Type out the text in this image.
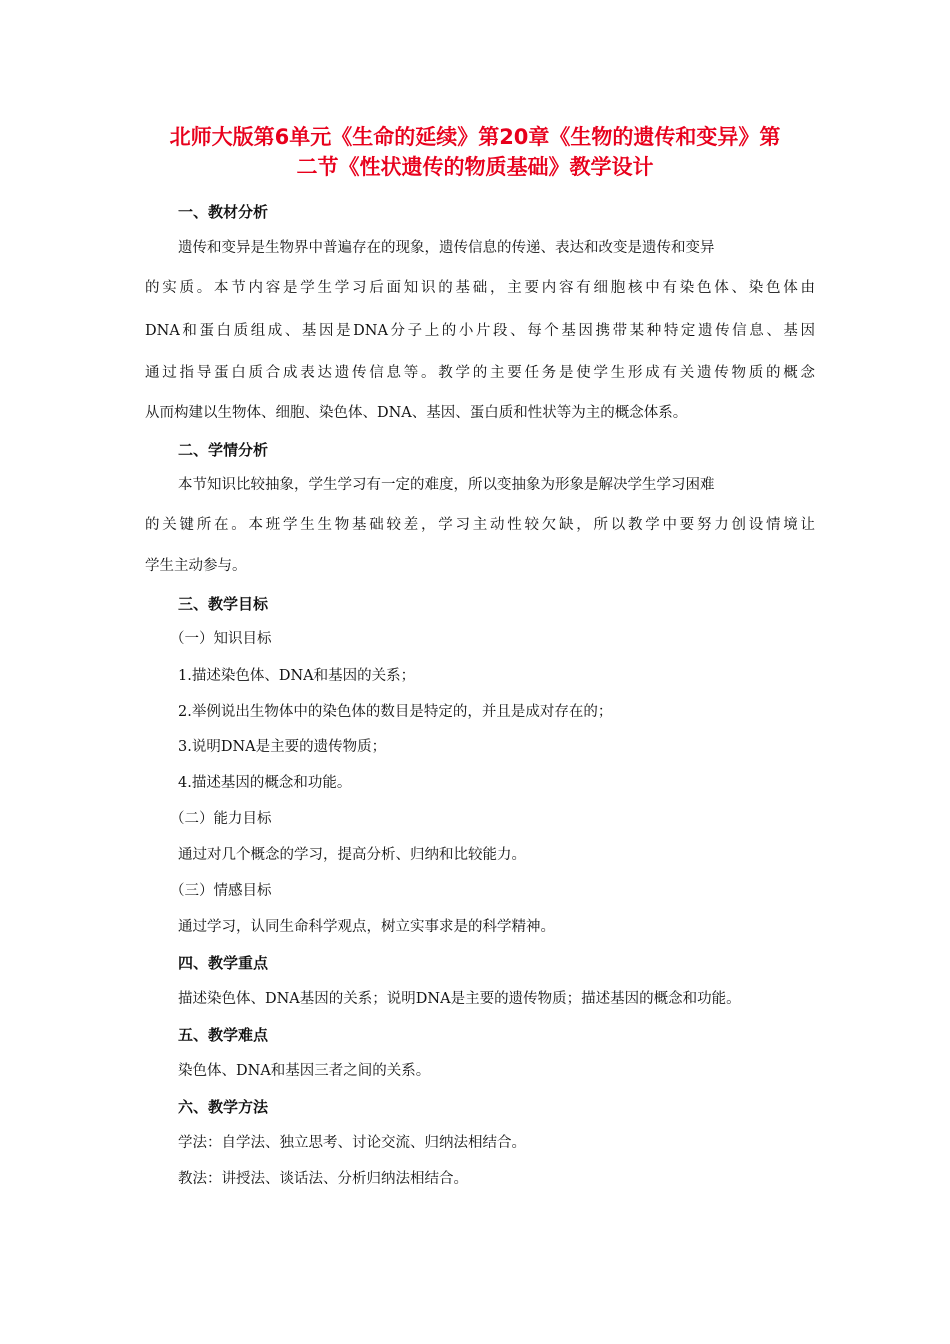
北师大版第6单元《生命的延续》第20章《生物的遗传和变异》第
二节《性状遗传的物质基础》教学设计
一、教材分析
遗传和变异是生物界中普遍存在的现象，遗传信息的传递、表达和改变是遗传和变异
的实质。本节内容是学生学习后面知识的基础，主要内容有细胞核中有染色体、染色体由
DNA和蛋白质组成、基因是DNA分子上的小片段、每个基因携带某种特定遗传信息、基因
通过指导蛋白质合成表达遗传信息等。教学的主要任务是使学生形成有关遗传物质的概念
从而构建以生物体、细胞、染色体、DNA、基因、蛋白质和性状等为主的概念体系。
二、学情分析
本节知识比较抽象，学生学习有一定的难度，所以变抽象为形象是解决学生学习困难
的关键所在。本班学生生物基础较差，学习主动性较欠缺，所以教学中要努力创设情境让
学生主动参与。
三、教学目标
（一）知识目标
1.描述染色体、DNA和基因的关系；
2.举例说出生物体中的染色体的数目是特定的，并且是成对存在的；
3.说明DNA是主要的遗传物质；
4.描述基因的概念和功能。
（二）能力目标
通过对几个概念的学习，提高分析、归纳和比较能力。
（三）情感目标
通过学习，认同生命科学观点，树立实事求是的科学精神。
四、教学重点
描述染色体、DNA基因的关系；说明DNA是主要的遗传物质；描述基因的概念和功能。
五、教学难点
染色体、DNA和基因三者之间的关系。
六、教学方法
学法：自学法、独立思考、讨论交流、归纳法相结合。
教法：讲授法、谈话法、分析归纳法相结合。
